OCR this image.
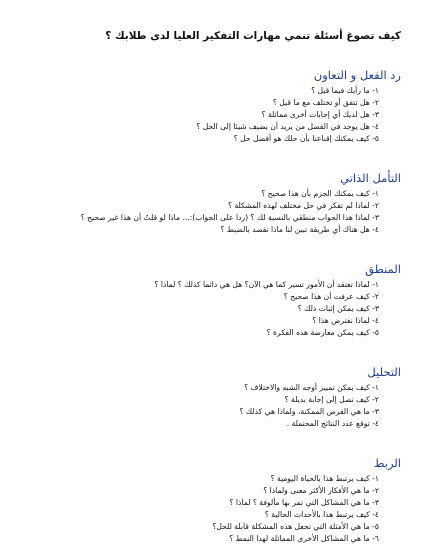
كيف تصوغ أسئلة تنمي مهارات التفكير العليا لدى طلابك ؟
رد الفعل و التعاون
١- ما رأيك فيما قيل ؟
٢- هل تتفق أو تختلف مع ما قيل ؟
٣- هل لديك أي إجابات أخرى مماثلة ؟
٤- هل يوجد في الفصل من يريد أن يضيف شيئا إلى الحل ؟
٥- كيف يمكنك إقناعنا بأن حلك هو أفضل حل ؟
التأمل الذاتي
١- كيف يمكنك الجزم بأن هذا صحيح ؟
٢- لماذا لم تفكر في حل مختلف لهذه المشكلة ؟
٣- لماذا هذا الجواب منطقي بالنسبة لك ؟ (ردا على الجواب):... ماذا لو قلتُ أن هذا غير صحيح ؟
٤- هل هناك أي طريقة تبين لنا ماذا تقصد بالضبط ؟
المنطق
١- لماذا تعتقد أن الأمور تسير كما هي الآن؟ هل هي دائما كذلك ؟ لماذا ؟
٢- كيف عرفت أن هذا صحيح ؟
٣- كيف يمكن إثبات ذلك ؟
٤- لماذا نفترض هذا ؟
٥- كيف يمكن معارضة هذه الفكرة ؟
التحليل
١- كيف يمكن تمييز أوجه الشبه والاختلاف ؟
٢- كيف تصل إلى إجابة بديلة ؟
٣- ما هي الفرص الممكنة، ولماذا هي كذلك ؟
٤- توقع عدد النتائج المحتملة .
الربط
١- كيف يرتبط هذا بالحياة اليومية ؟
٢- ما هي الأفكار الأكثر معنى ولماذا ؟
٣- ما هي المشاكل التي تمر بها مألوفة ؟ لماذا ؟
٤- كيف يرتبط هذا بالأحداث الحالية ؟
٥- ما هي الأمثلة التي تجعل هذه المشكلة قابلة للحل؟
٦- ما هي المشاكل الأخرى المماثلة لهذا النمط ؟
